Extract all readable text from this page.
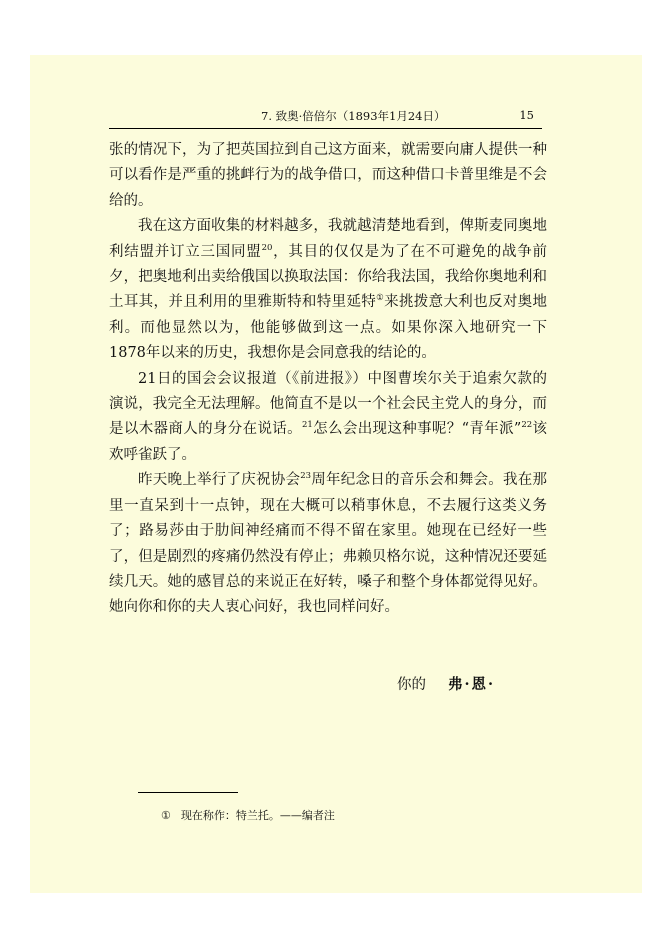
7. 致奥·倍倍尔（1893年1月24日）	15

张的情况下，为了把英国拉到自己这方面来，就需要向庸人提供一种可以看作是严重的挑衅行为的战争借口，而这种借口卡普里维是不会给的。

我在这方面收集的材料越多，我就越清楚地看到，俾斯麦同奥地利结盟并订立三国同盟$^{20}$，其目的仅仅是为了在不可避免的战争前夕，把奥地利出卖给俄国以换取法国：你给我法国，我给你奥地利和土耳其，并且利用的里雅斯特和特里延特①来挑拨意大利也反对奥地利。而他显然以为，他能够做到这一点。如果你深入地研究一下1878年以来的历史，我想你是会同意我的结论的。

21日的国会会议报道（《前进报》）中图曹埃尔关于追索欠款的演说，我完全无法理解。他简直不是以一个社会民主党人的身分，而是以木器商人的身分在说话。$^{21}$怎么会出现这种事呢？“青年派”$^{22}$该欢呼雀跃了。

昨天晚上举行了庆祝协会$^{23}$周年纪念日的音乐会和舞会。我在那里一直呆到十一点钟，现在大概可以稍事休息，不去履行这类义务了；路易莎由于肋间神经痛而不得不留在家里。她现在已经好一些了，但是剧烈的疼痛仍然没有停止；弗赖贝格尔说，这种情况还要延续几天。她的感冒总的来说正在好转，嗓子和整个身体都觉得见好。她向你和你的夫人衷心问好，我也同样问好。

你的 弗·恩·
① 现在称作：特兰托。——编者注
